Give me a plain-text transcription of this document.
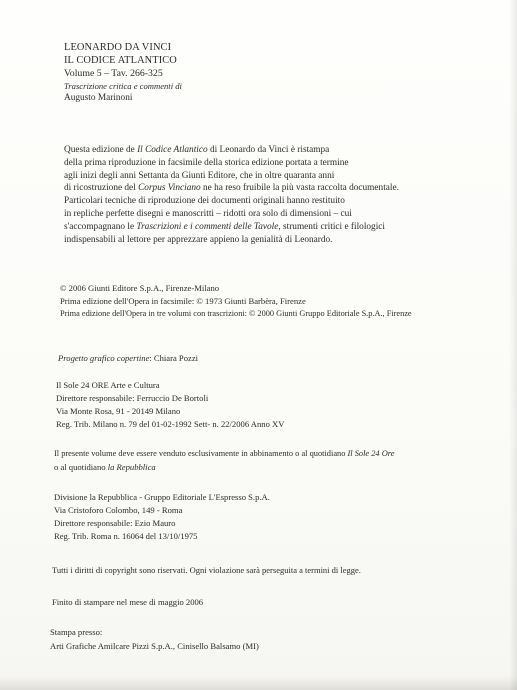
LEONARDO DA VINCI
IL CODICE ATLANTICO
Volume 5 – Tav. 266-325
Trascrizione critica e commenti di
Augusto Marinoni
Questa edizione de Il Codice Atlantico di Leonardo da Vinci è ristampa
della prima riproduzione in facsimile della storica edizione portata a termine
agli inizi degli anni Settanta da Giunti Editore, che in oltre quaranta anni
di ricostruzione del Corpus Vinciano ne ha reso fruibile la più vasta raccolta documentale.
Particolari tecniche di riproduzione dei documenti originali hanno restituito
in repliche perfette disegni e manoscritti – ridotti ora solo di dimensioni – cui
s'accompagnano le Trascrizioni e i commenti delle Tavole, strumenti critici e filologici
indispensabili al lettore per apprezzare appieno la genialità di Leonardo.
© 2006 Giunti Editore S.p.A., Firenze-Milano
Prima edizione dell'Opera in facsimile: © 1973 Giunti Barbèra, Firenze
Prima edizione dell'Opera in tre volumi con trascrizioni: © 2000 Giunti Gruppo Editoriale S.p.A., Firenze
Progetto grafico copertine: Chiara Pozzi
Il Sole 24 ORE Arte e Cultura
Direttore responsabile: Ferruccio De Bortoli
Via Monte Rosa, 91 - 20149 Milano
Reg. Trib. Milano n. 79 del 01-02-1992 Sett- n. 22/2006 Anno XV
Il presente volume deve essere venduto esclusivamente in abbinamento o al quotidiano Il Sole 24 Ore
o al quotidiano la Repubblica
Divisione la Repubblica - Gruppo Editoriale L'Espresso S.p.A.
Via Cristoforo Colombo, 149 - Roma
Direttore responsabile: Ezio Mauro
Reg. Trib. Roma n. 16064 del 13/10/1975
Tutti i diritti di copyright sono riservati. Ogni violazione sarà perseguita a termini di legge.
Finito di stampare nel mese di maggio 2006
Stampa presso:
Arti Grafiche Amilcare Pizzi S.p.A., Cinisello Balsamo (MI)
